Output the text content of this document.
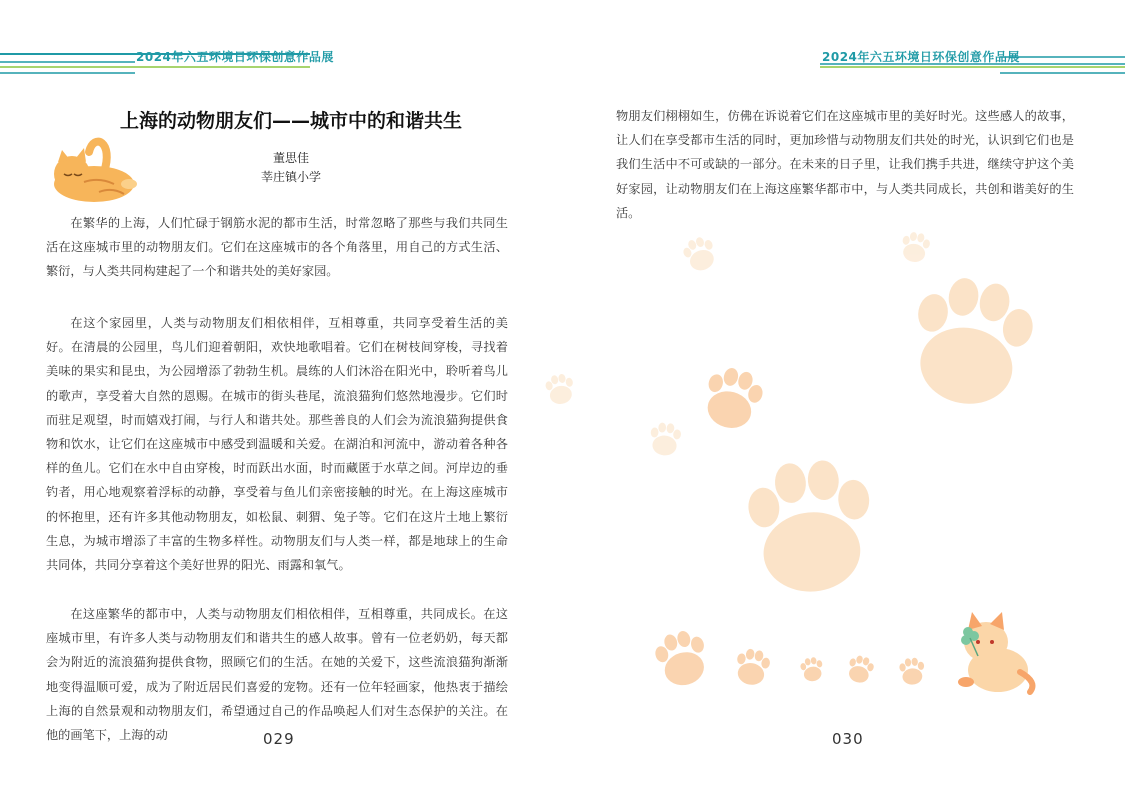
2024年六五环境日环保创意作品展	2024年六五环境日环保创意作品展
上海的动物朋友们——城市中的和谐共生
董思佳
莘庄镇小学

在繁华的上海，人们忙碌于钢筋水泥的都市生活，时常忽略了那些与我们共同生活在这座城市里的动物朋友们。它们在这座城市的各个角落里，用自己的方式生活、繁衍，与人类共同构建起了一个和谐共处的美好家园。

在这个家园里，人类与动物朋友们相依相伴，互相尊重，共同享受着生活的美好。在清晨的公园里，鸟儿们迎着朝阳，欢快地歌唱着。它们在树枝间穿梭，寻找着美味的果实和昆虫，为公园增添了勃勃生机。晨练的人们沐浴在阳光中，聆听着鸟儿的歌声，享受着大自然的恩赐。在城市的街头巷尾，流浪猫狗们悠然地漫步。它们时而驻足观望，时而嬉戏打闹，与行人和谐共处。那些善良的人们会为流浪猫狗提供食物和饮水，让它们在这座城市中感受到温暖和关爱。在湖泊和河流中，游动着各种各样的鱼儿。它们在水中自由穿梭，时而跃出水面，时而藏匿于水草之间。河岸边的垂钓者，用心地观察着浮标的动静，享受着与鱼儿们亲密接触的时光。在上海这座城市的怀抱里，还有许多其他动物朋友，如松鼠、刺猬、兔子等。它们在这片土地上繁衍生息，为城市增添了丰富的生物多样性。动物朋友们与人类一样，都是地球上的生命共同体，共同分享着这个美好世界的阳光、雨露和氧气。

在这座繁华的都市中，人类与动物朋友们相依相伴，互相尊重，共同成长。在这座城市里，有许多人类与动物朋友们和谐共生的感人故事。曾有一位老奶奶，每天都会为附近的流浪猫狗提供食物，照顾它们的生活。在她的关爱下，这些流浪猫狗渐渐地变得温顺可爱，成为了附近居民们喜爱的宠物。还有一位年轻画家，他热衷于描绘上海的自然景观和动物朋友们，希望通过自己的作品唤起人们对生态保护的关注。在他的画笔下，上海的动	029

物朋友们栩栩如生，仿佛在诉说着它们在这座城市里的美好时光。这些感人的故事，让人们在享受都市生活的同时，更加珍惜与动物朋友们共处的时光，认识到它们也是我们生活中不可或缺的一部分。在未来的日子里，让我们携手共进，继续守护这个美好家园，让动物朋友们在上海这座繁华都市中，与人类共同成长，共创和谐美好的生活。

030
